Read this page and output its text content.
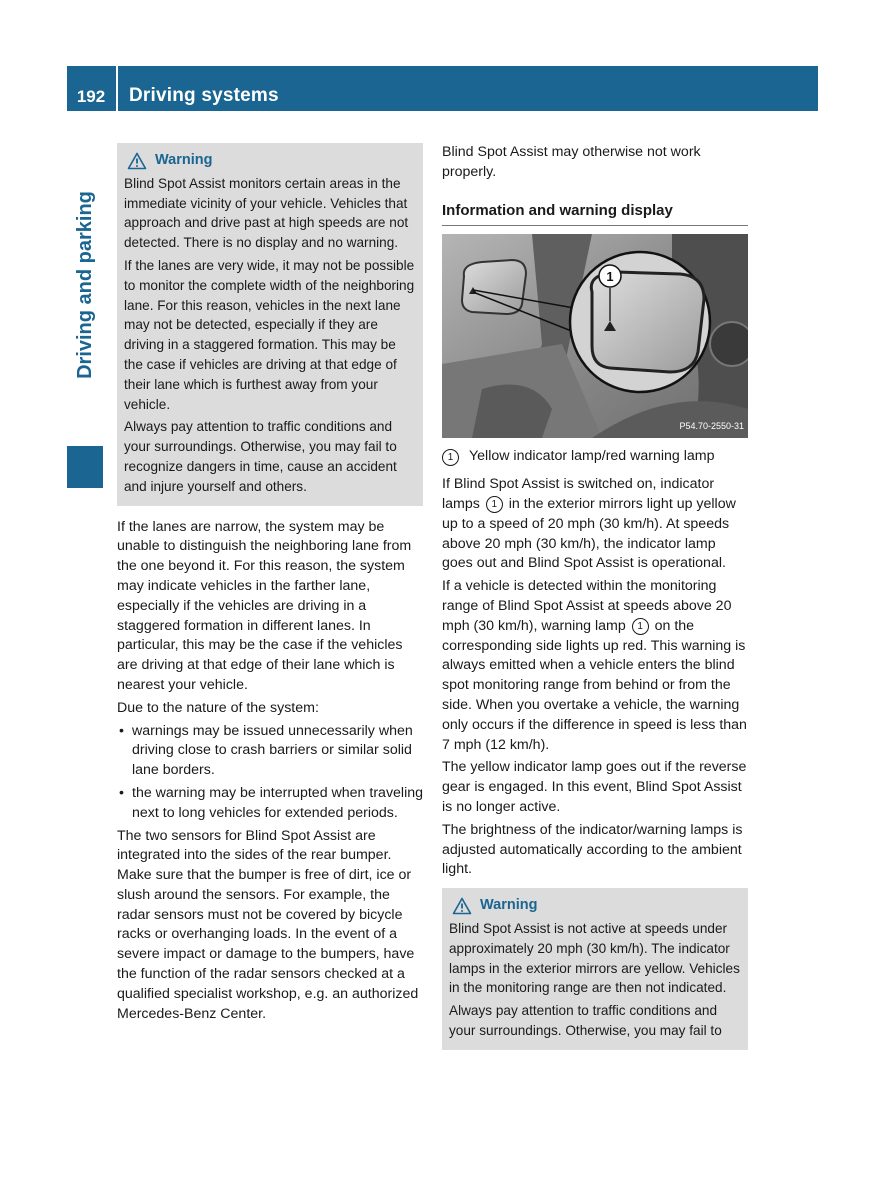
192	Driving systems
Driving and parking
Warning

Blind Spot Assist monitors certain areas in the immediate vicinity of your vehicle. Vehicles that approach and drive past at high speeds are not detected. There is no display and no warning.

If the lanes are very wide, it may not be possible to monitor the complete width of the neighboring lane. For this reason, vehicles in the next lane may not be detected, especially if they are driving in a staggered formation. This may be the case if vehicles are driving at that edge of their lane which is furthest away from your vehicle.

Always pay attention to traffic conditions and your surroundings. Otherwise, you may fail to recognize dangers in time, cause an accident and injure yourself and others.

If the lanes are narrow, the system may be unable to distinguish the neighboring lane from the one beyond it. For this reason, the system may indicate vehicles in the farther lane, especially if the vehicles are driving in a staggered formation in different lanes. In particular, this may be the case if the vehicles are driving at that edge of their lane which is nearest your vehicle.

Due to the nature of the system:

• warnings may be issued unnecessarily when driving close to crash barriers or similar solid lane borders.
• the warning may be interrupted when traveling next to long vehicles for extended periods.

The two sensors for Blind Spot Assist are integrated into the sides of the rear bumper. Make sure that the bumper is free of dirt, ice or slush around the sensors. For example, the radar sensors must not be covered by bicycle racks or overhanging loads. In the event of a severe impact or damage to the bumpers, have the function of the radar sensors checked at a qualified specialist workshop, e.g. an authorized Mercedes-Benz Center.

Blind Spot Assist may otherwise not work properly.

Information and warning display
1
P54.70-2550-31
1	Yellow indicator lamp/red warning lamp

If Blind Spot Assist is switched on, indicator lamps 1 in the exterior mirrors light up yellow up to a speed of 20 mph (30 km/h). At speeds above 20 mph (30 km/h), the indicator lamp goes out and Blind Spot Assist is operational.

If a vehicle is detected within the monitoring range of Blind Spot Assist at speeds above 20 mph (30 km/h), warning lamp 1 on the corresponding side lights up red. This warning is always emitted when a vehicle enters the blind spot monitoring range from behind or from the side. When you overtake a vehicle, the warning only occurs if the difference in speed is less than 7 mph (12 km/h).

The yellow indicator lamp goes out if the reverse gear is engaged. In this event, Blind Spot Assist is no longer active.

The brightness of the indicator/warning lamps is adjusted automatically according to the ambient light.

Warning

Blind Spot Assist is not active at speeds under approximately 20 mph (30 km/h). The indicator lamps in the exterior mirrors are yellow. Vehicles in the monitoring range are then not indicated.

Always pay attention to traffic conditions and your surroundings. Otherwise, you may fail to
